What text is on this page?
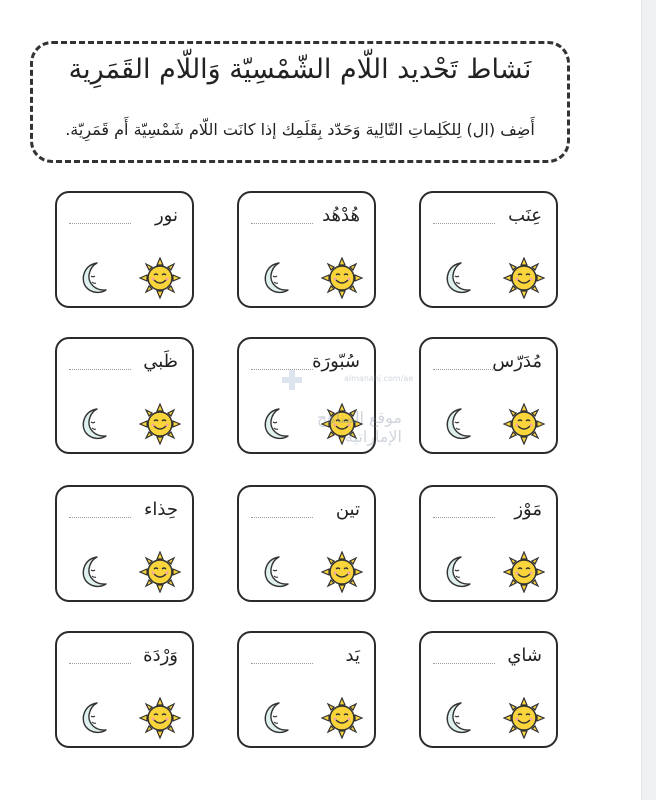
نَشاط تَحْديد اللّام الشّمْسِيّة وَاللّام القَمَرِية
أَضِف (ال) لِلكَلِماتِ التّالِية وَحَدّد بِقَلَمِك إذا كانَت اللّام شَمْسِيّة أَم قَمَرِيّة.
عِنَب
هُدْهُد
نور
مُدَرّس
سُبّورَة
ظَبي
مَوْز
تين
حِذاء
شاي
يَد
وَرْدَة
almanahj.com/ae
موقع المناهج الإماراتية
